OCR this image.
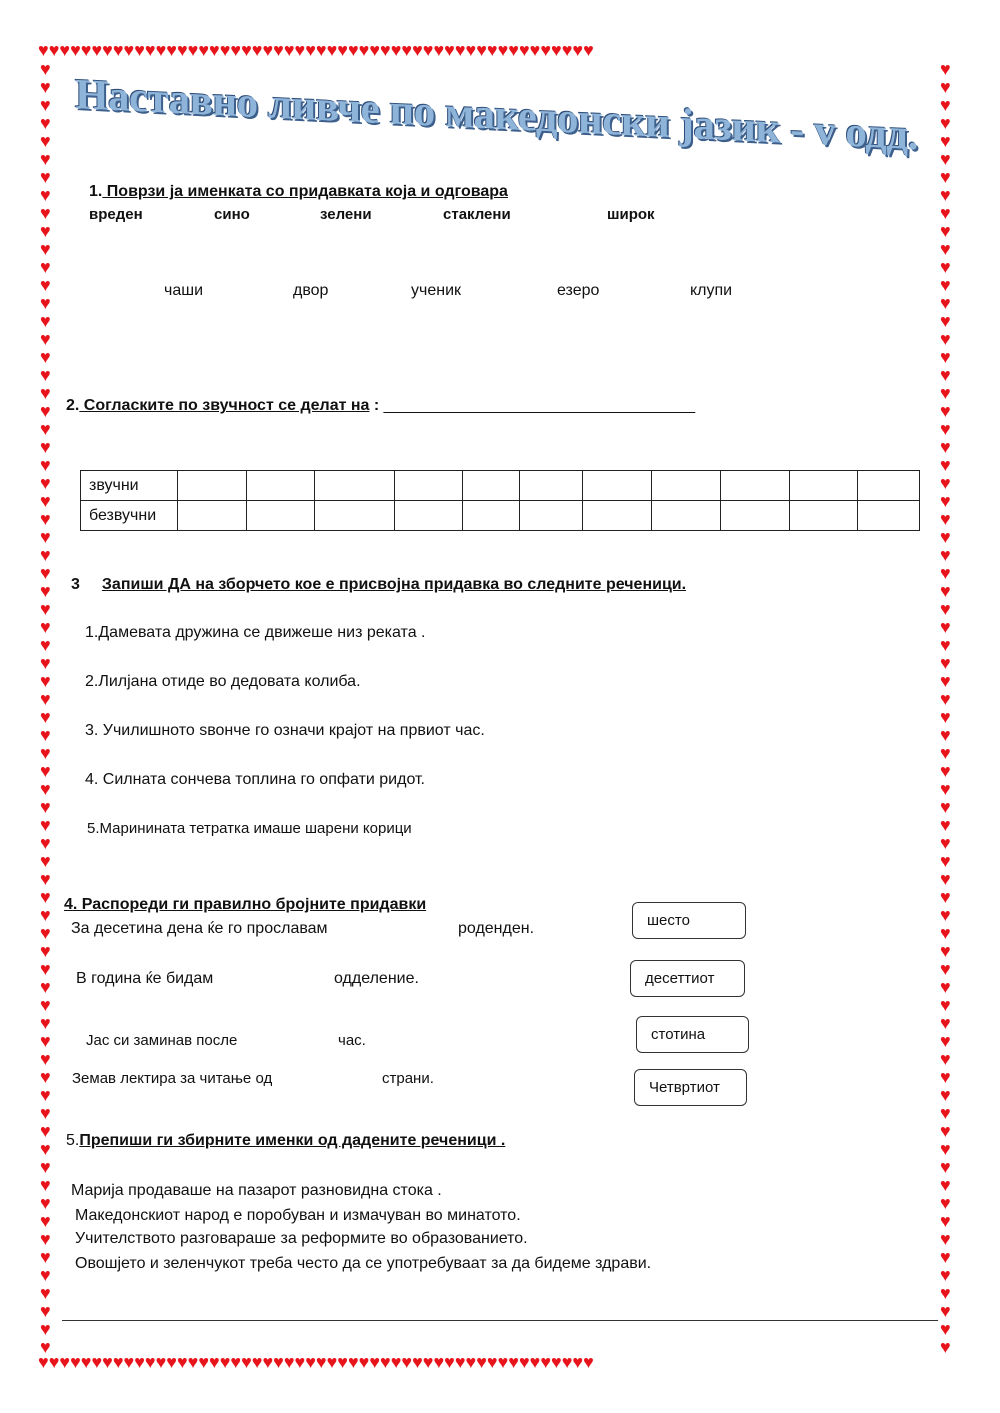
♥♥♥♥♥♥♥♥♥♥♥♥♥♥♥♥♥♥♥♥♥♥♥♥♥♥♥♥♥♥♥♥♥♥♥♥♥♥♥♥♥♥♥♥♥♥♥♥♥♥♥♥
♥♥♥♥♥♥♥♥♥♥♥♥♥♥♥♥♥♥♥♥♥♥♥♥♥♥♥♥♥♥♥♥♥♥♥♥♥♥♥♥♥♥♥♥♥♥♥♥♥♥♥♥
♥♥♥♥♥♥♥♥♥♥♥♥♥♥♥♥♥♥♥♥♥♥♥♥♥♥♥♥♥♥♥♥♥♥♥♥♥♥♥♥♥♥♥♥♥♥♥♥♥♥♥♥♥♥♥♥♥♥♥♥♥♥♥♥♥♥♥♥♥♥♥♥
♥♥♥♥♥♥♥♥♥♥♥♥♥♥♥♥♥♥♥♥♥♥♥♥♥♥♥♥♥♥♥♥♥♥♥♥♥♥♥♥♥♥♥♥♥♥♥♥♥♥♥♥♥♥♥♥♥♥♥♥♥♥♥♥♥♥♥♥♥♥♥♥
Наставно ливче по македонски јазик - v одд.
1. Поврзи ја именката со придавката која и одговара
вреден	сино	зелени	стаклени	широк
чаши	двор	ученик	езеро	клупи
2. Согласките по звучност се делат на : ___________________________________
звучни											
безвучни											
3 Запиши ДА на зборчето кое е присвојна придавка во следните реченици.
1.Дамевата дружина се движеше низ реката .
2.Лилјана отиде во дедовата колиба.
3. Училишното ѕвонче го означи крајот на првиот час.
4. Силната сончева топлина го опфати ридот.
5.Маринината тетратка имаше шарени корици
4. Распореди ги правилно бројните придавки
За десетина дена ќе го прославам	роденден.
В година ќе бидам	одделение.
Јас си заминав после	час.
Земав лектира за читање од	страни.
шесто
десеттиот
стотина
Четвртиот
5.Препиши ги збирните именки од дадените реченици .
Марија продаваше на пазарот разновидна стока .
Македонскиот народ е поробуван и измачуван во минатото.
Учителството разговараше за реформите во образованието.
Овошјето и зеленчукот треба често да се употребуваат за да бидеме здрави.
